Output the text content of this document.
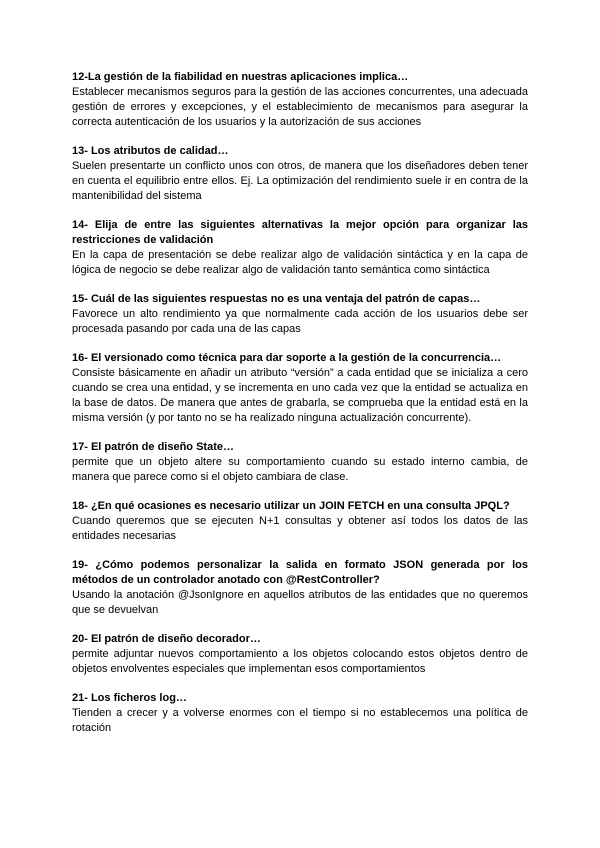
12-La gestión de la fiabilidad en nuestras aplicaciones implica…

Establecer mecanismos seguros para la gestión de las acciones concurrentes, una adecuada gestión de errores y excepciones, y el establecimiento de mecanismos para asegurar la correcta autenticación de los usuarios y la autorización de sus acciones

13- Los atributos de calidad…

Suelen presentarte un conflicto unos con otros, de manera que los diseñadores deben tener en cuenta el equilibrio entre ellos. Ej. La optimización del rendimiento suele ir en contra de la mantenibilidad del sistema

14- Elija de entre las siguientes alternativas la mejor opción para organizar las restricciones de validación

En la capa de presentación se debe realizar algo de validación sintáctica y en la capa de lógica de negocio se debe realizar algo de validación tanto semántica como sintáctica

15- Cuál de las siguientes respuestas no es una ventaja del patrón de capas…

Favorece un alto rendimiento ya que normalmente cada acción de los usuarios debe ser procesada pasando por cada una de las capas

16- El versionado como técnica para dar soporte a la gestión de la concurrencia…

Consiste básicamente en añadir un atributo “versión” a cada entidad que se inicializa a cero cuando se crea una entidad, y se incrementa en uno cada vez que la entidad se actualiza en la base de datos. De manera que antes de grabarla, se comprueba que la entidad está en la misma versión (y por tanto no se ha realizado ninguna actualización concurrente).

17- El patrón de diseño State…

permite que un objeto altere su comportamiento cuando su estado interno cambia, de manera que parece como si el objeto cambiara de clase.

18- ¿En qué ocasiones es necesario utilizar un JOIN FETCH en una consulta JPQL?

Cuando queremos que se ejecuten N+1 consultas y obtener así todos los datos de las entidades necesarias

19- ¿Cómo podemos personalizar la salida en formato JSON generada por los métodos de un controlador anotado con @RestController?

Usando la anotación @JsonIgnore en aquellos atributos de las entidades que no queremos que se devuelvan

20- El patrón de diseño decorador…

permite adjuntar nuevos comportamiento a los objetos colocando estos objetos dentro de objetos envolventes especiales que implementan esos comportamientos

21- Los ficheros log…

Tienden a crecer y a volverse enormes con el tiempo si no establecemos una política de rotación
